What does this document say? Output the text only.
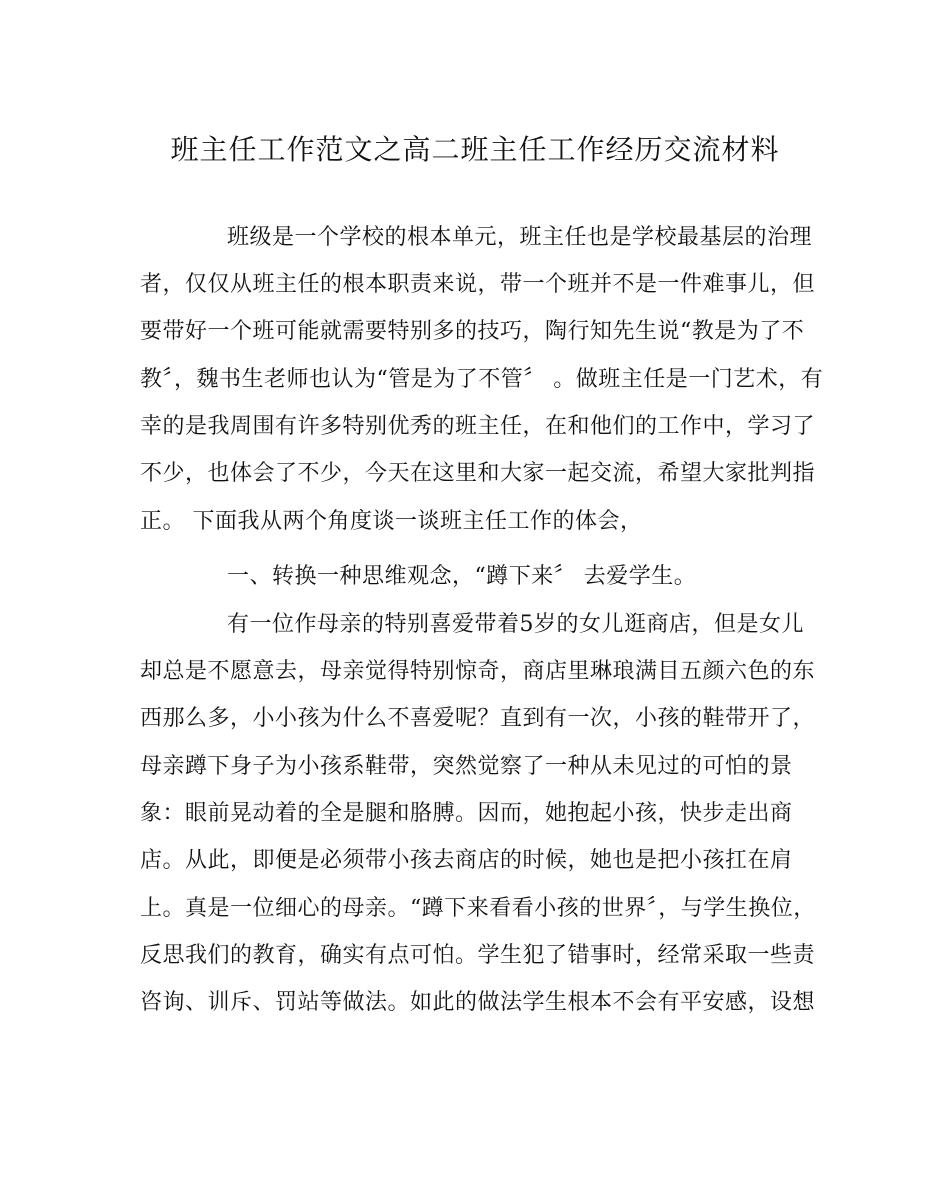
班主任工作范文之高二班主任工作经历交流材料
班级是一个学校的根本单元，班主任也是学校最基层的治理
者，仅仅从班主任的根本职责来说，带一个班并不是一件难事儿，但
要带好一个班可能就需要特别多的技巧，陶行知先生说“教是为了不
教〞，魏书生老师也认为“管是为了不管〞 。做班主任是一门艺术，有
幸的是我周围有许多特别优秀的班主任，在和他们的工作中，学习了
不少，也体会了不少，今天在这里和大家一起交流，希望大家批判指
正。 下面我从两个角度谈一谈班主任工作的体会，
一、转换一种思维观念，“蹲下来〞 去爱学生。
有一位作母亲的特别喜爱带着5岁的女儿逛商店，但是女儿
却总是不愿意去，母亲觉得特别惊奇，商店里琳琅满目五颜六色的东
西那么多，小小孩为什么不喜爱呢？直到有一次，小孩的鞋带开了，
母亲蹲下身子为小孩系鞋带，突然觉察了一种从未见过的可怕的景
象：眼前晃动着的全是腿和胳膊。因而，她抱起小孩，快步走出商
店。从此，即便是必须带小孩去商店的时候，她也是把小孩扛在肩
上。真是一位细心的母亲。“蹲下来看看小孩的世界〞，与学生换位，
反思我们的教育，确实有点可怕。学生犯了错事时，经常采取一些责
咨询、训斥、罚站等做法。如此的做法学生根本不会有平安感，设想
